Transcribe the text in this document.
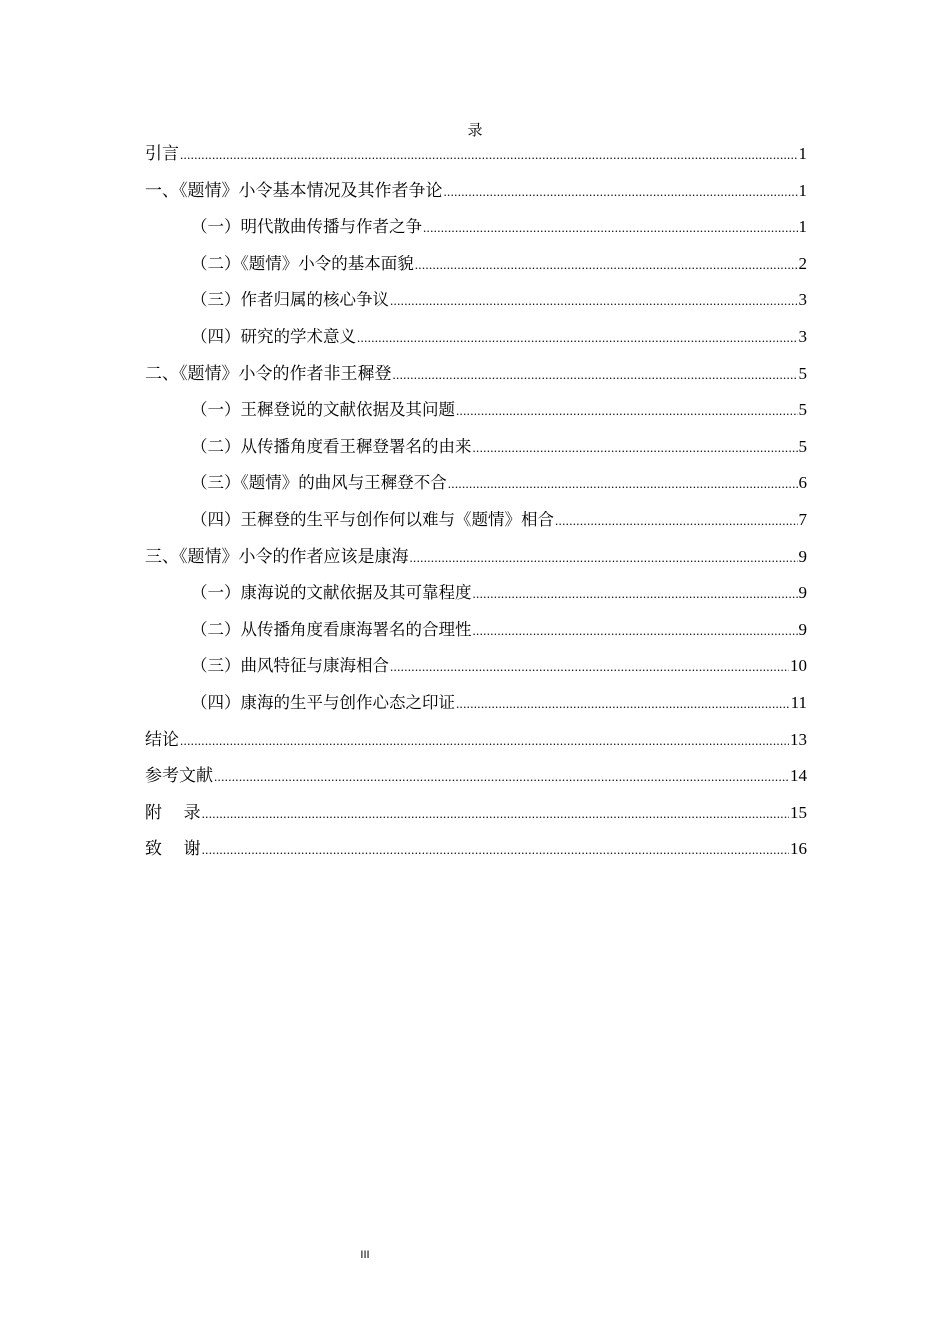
录
引言 .....	1
一、《题情》小令基本情况及其作者争论 .....	1
（一）明代散曲传播与作者之争 .....	1
（二）《题情》小令的基本面貌 .....	2
（三）作者归属的核心争议 .....	3
（四）研究的学术意义 .....	3
二、《题情》小令的作者非王穉登 .....	5
（一）王穉登说的文献依据及其问题 .....	5
（二）从传播角度看王穉登署名的由来 .....	5
（三）《题情》的曲风与王穉登不合 .....	6
（四）王穉登的生平与创作何以难与《题情》相合 .....	7
三、《题情》小令的作者应该是康海 .....	9
（一）康海说的文献依据及其可靠程度 .....	9
（二）从传播角度看康海署名的合理性 .....	9
（三）曲风特征与康海相合 .....	10
（四）康海的生平与创作心态之印证 .....	11
结论 .....	13
参考文献 .....	14
附    录 .....	15
致    谢 .....	16
III
